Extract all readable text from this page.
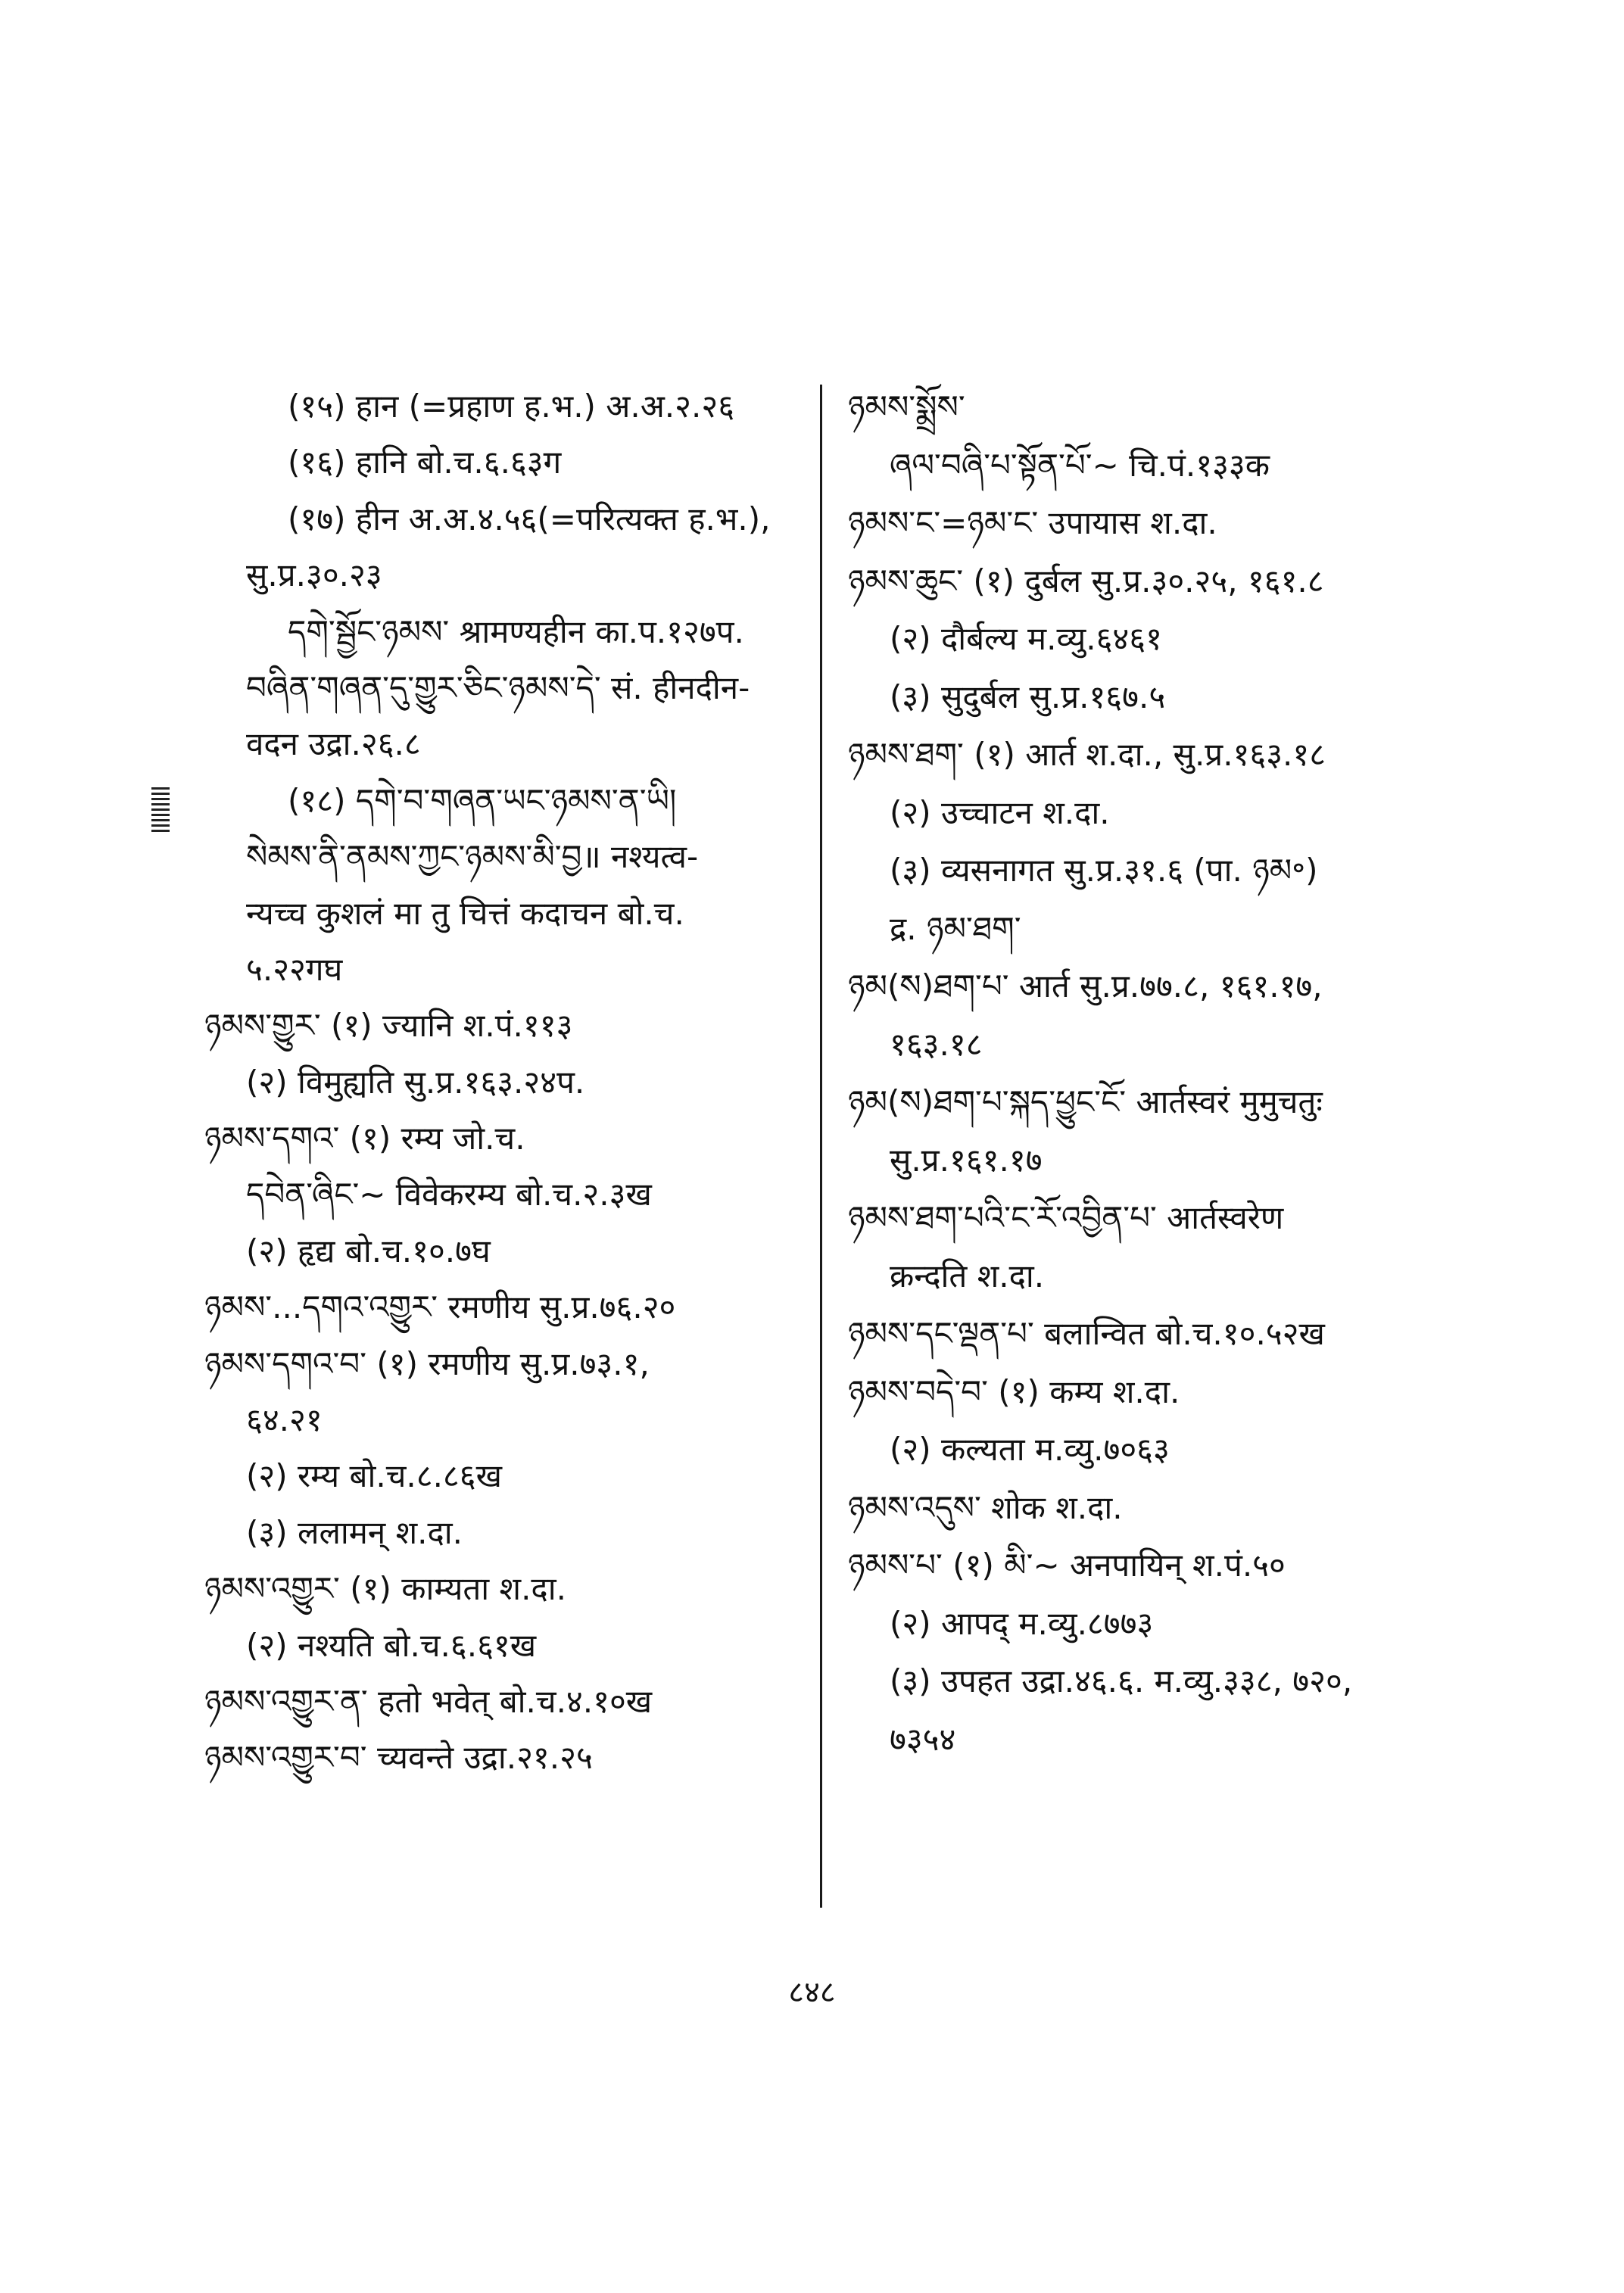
(१५) हान (=प्रहाण ह.भ.) अ.अ.२.२६
(१६) हानि बो.च.६.६३ग
(१७) हीन अ.अ.४.५६(=परित्यक्त ह.भ.),
सु.प्र.३०.२३
དགེ་སྦྱོང་ཉམས་ श्रामण्यहीन का.प.१२७प.
བཞིན་གཞན་དུ་གྱུར་ཅིང་ཉམས་དེ་ सं. हीनदीन-
वदन उद्रा.२६.८
(१८) དགེ་བ་གཞན་ཡང་ཉམས་ན་ཡི།
སེམས་ནི་ནམས་ཀྱང་ཉམས་མི་བྱ॥ नश्यत्व-
न्यच्च कुशलं मा तु चित्तं कदाचन बो.च.
५.२२गघ
ཉམས་གྱུར་ (१) ज्यानि श.पं.११३
(२) विमुह्यति सु.प्र.१६३.२४प.
ཉམས་དགའ་ (१) रम्य जो.च.
དབེན་ཞིང་~ विवेकरम्य बो.च.२.३ख
(२) हृद्य बो.च.१०.७घ
ཉམས་...དགའ་འགྱུར་ रमणीय सु.प्र.७६.२०
ཉམས་དགའ་བ་ (१) रमणीय सु.प्र.७३.१,
६४.२१
(२) रम्य बो.च.८.८६ख
(३) ललामन् श.दा.
ཉམས་འགྱུར་ (१) काम्यता श.दा.
(२) नश्यति बो.च.६.६१ख
ཉམས་འགྱུར་ན་ हतो भवेत् बो.च.४.१०ख
ཉམས་འགྱུར་བ་ च्यवन्ते उद्रा.२१.२५
ཉམས་སྨྲོས་
ཞལ་བཞི་པ་སྟོན་པོ་~ चि.पं.१३३क
ཉམས་ང་=ཉམ་ང་ उपायास श.दा.
ཉམས་ཆུང་ (१) दुर्बल सु.प्र.३०.२५, १६१.८
(२) दौर्बल्य म.व्यु.६४६१
(३) सुदुर्बल सु.प्र.१६७.५
ཉམས་ཐག་ (१) आर्त श.दा., सु.प्र.१६३.१८
(२) उच्चाटन श.दा.
(३) व्यसनागत सु.प्र.३१.६ (पा. ཉམ॰)
द्र. ཉམ་ཐག་
ཉམ(ས)ཐག་པ་ आर्त सु.प्र.७७.८, १६१.१७,
१६३.१८
ཉམ(ས)ཐག་པ་སྐད་ཕྱུང་ངོ་ आर्तस्वरं मुमुचतुः
सु.प्र.१६१.१७
ཉམས་ཐག་པའི་ང་རོ་འབྱིན་པ་ आर्तस्वरेण
क्रन्दति श.दा.
ཉམས་དང་ལྡན་པ་ बलान्वित बो.च.१०.५२ख
ཉམས་བདེ་བ་ (१) कम्य श.दा.
(२) कल्यता म.व्यु.७०६३
ཉམས་འདུས་ शोक श.दा.
ཉམས་པ་ (१) མི་~ अनपायिन् श.पं.५०
(२) आपद् म.व्यु.८७७३
(३) उपहत उद्रा.४६.६. म.व्यु.३३८, ७२०,
७३५४
८४८
